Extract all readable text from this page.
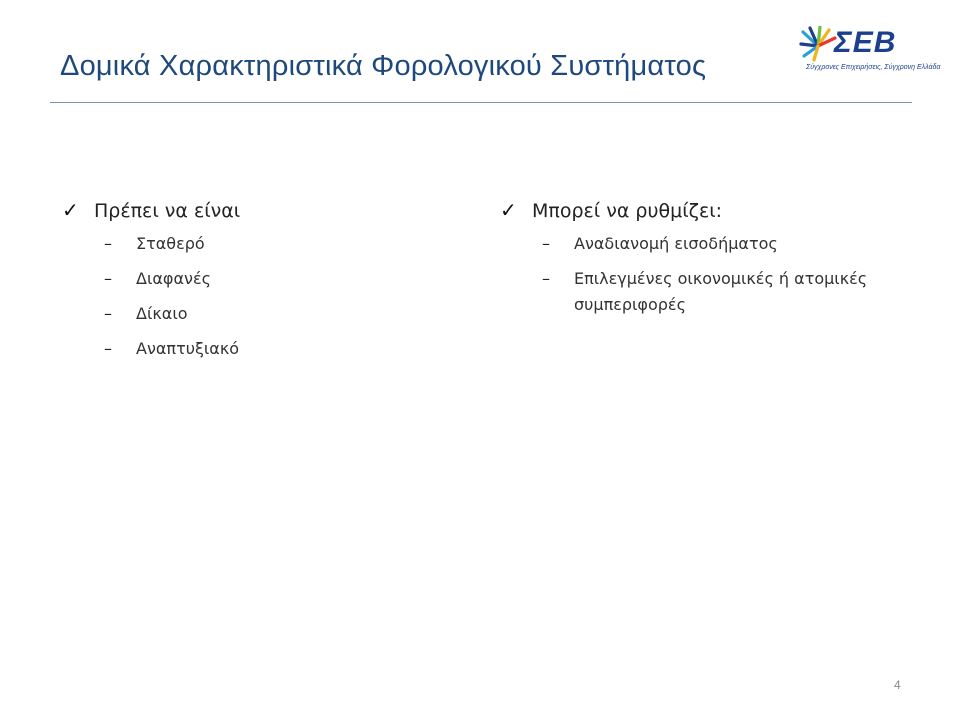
Δομικά Χαρακτηριστικά Φορολογικού Συστήματος
ΣΕΒ
Σύγχρονες Επιχειρήσεις, Σύγχρονη Ελλάδα
✓ Πρέπει να είναι
–	Σταθερό
–	Διαφανές
–	Δίκαιο
–	Αναπτυξιακό
✓ Μπορεί να ρυθμίζει:
–	Αναδιανομή εισοδήματος
–	Επιλεγμένες οικονομικές ή ατομικές συμπεριφορές
4
